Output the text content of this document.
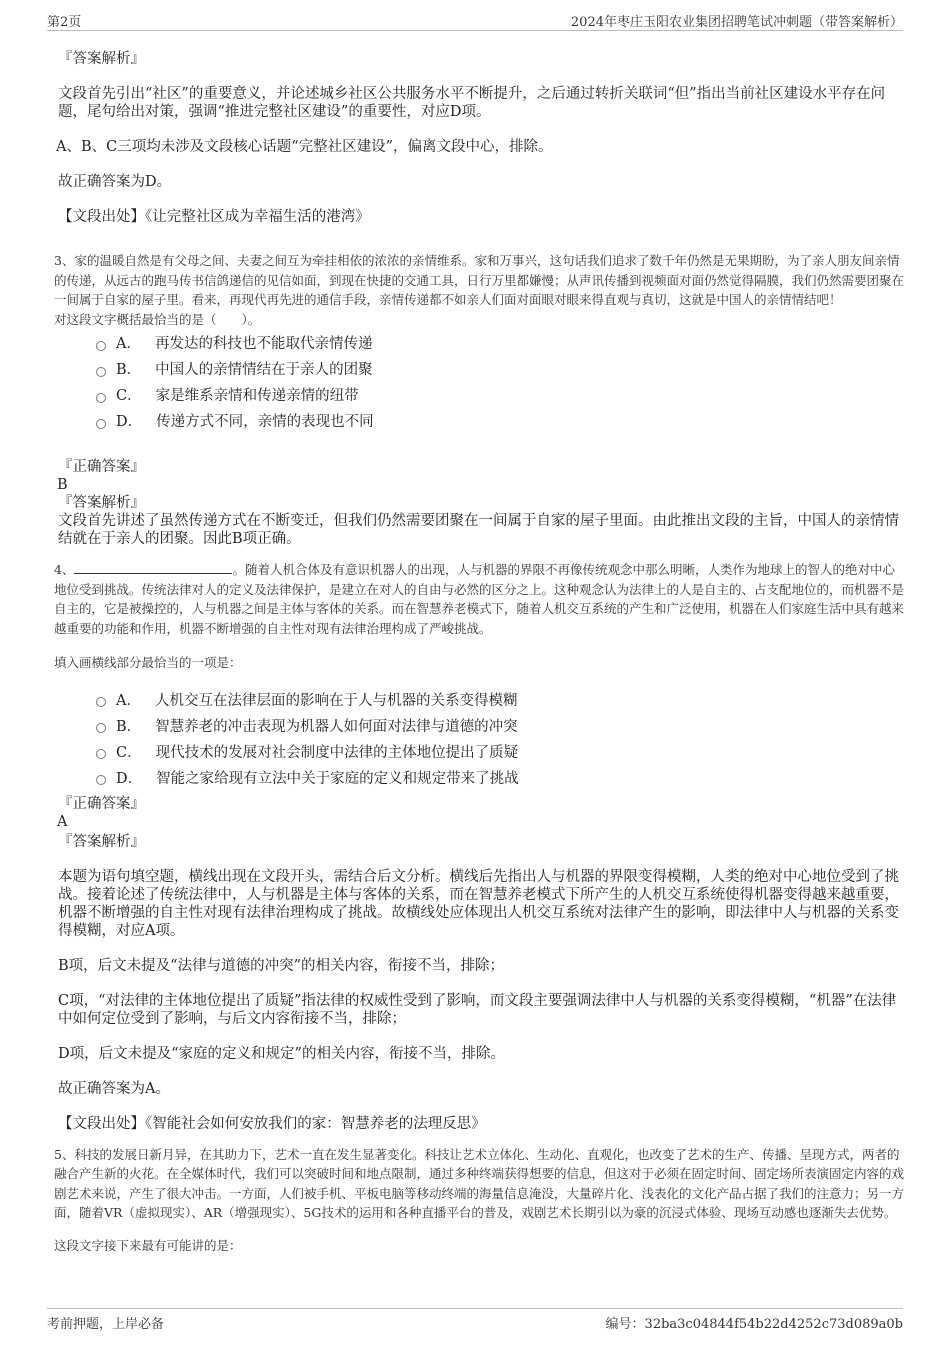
第2页	2024年枣庄玉阳农业集团招聘笔试冲刺题（带答案解析）
『答案解析』
文段首先引出“社区”的重要意义，并论述城乡社区公共服务水平不断提升，之后通过转折关联词“但”指出当前社区建设水平存在问题，尾句给出对策，强调“推进完整社区建设”的重要性，对应D项。
A、B、C三项均未涉及文段核心话题“完整社区建设”，偏离文段中心，排除。
故正确答案为D。
【文段出处】《让完整社区成为幸福生活的港湾》
3、家的温暖自然是有父母之间、夫妻之间互为牵挂相依的浓浓的亲情维系。家和万事兴，这句话我们追求了数千年仍然是无果期盼，为了亲人朋友间亲情的传递，从远古的跑马传书信鸽递信的见信如面，到现在快捷的交通工具，日行万里都嫌慢；从声讯传播到视频面对面仍然觉得隔膜，我们仍然需要团聚在一间属于自家的屋子里。看来，再现代再先进的通信手段，亲情传递都不如亲人们面对面眼对眼来得直观与真切，这就是中国人的亲情情结吧！
对这段文字概括最恰当的是（　　）。
A． 再发达的科技也不能取代亲情传递
B． 中国人的亲情情结在于亲人的团聚
C． 家是维系亲情和传递亲情的纽带
D． 传递方式不同，亲情的表现也不同
『正确答案』
B
『答案解析』
文段首先讲述了虽然传递方式在不断变迁，但我们仍然需要团聚在一间属于自家的屋子里面。由此推出文段的主旨，中国人的亲情情结就在于亲人的团聚。因此B项正确。
4、	。随着人机合体及有意识机器人的出现，人与机器的界限不再像传统观念中那么明晰，人类作为地球上的智人的绝对中心地位受到挑战。传统法律对人的定义及法律保护，是建立在对人的自由与必然的区分之上。这种观念认为法律上的人是自主的、占支配地位的，而机器不是自主的，它是被操控的，人与机器之间是主体与客体的关系。而在智慧养老模式下，随着人机交互系统的产生和广泛使用，机器在人们家庭生活中具有越来越重要的功能和作用，机器不断增强的自主性对现有法律治理构成了严峻挑战。
填入画横线部分最恰当的一项是：
A． 人机交互在法律层面的影响在于人与机器的关系变得模糊
B． 智慧养老的冲击表现为机器人如何面对法律与道德的冲突
C． 现代技术的发展对社会制度中法律的主体地位提出了质疑
D． 智能之家给现有立法中关于家庭的定义和规定带来了挑战
『正确答案』
A
『答案解析』
本题为语句填空题，横线出现在文段开头，需结合后文分析。横线后先指出人与机器的界限变得模糊，人类的绝对中心地位受到了挑战。接着论述了传统法律中，人与机器是主体与客体的关系，而在智慧养老模式下所产生的人机交互系统使得机器变得越来越重要，机器不断增强的自主性对现有法律治理构成了挑战。故横线处应体现出人机交互系统对法律产生的影响，即法律中人与机器的关系变得模糊，对应A项。
B项，后文未提及“法律与道德的冲突”的相关内容，衔接不当，排除；
C项，“对法律的主体地位提出了质疑”指法律的权威性受到了影响，而文段主要强调法律中人与机器的关系变得模糊，“机器”在法律中如何定位受到了影响，与后文内容衔接不当，排除；
D项，后文未提及“家庭的定义和规定”的相关内容，衔接不当，排除。
故正确答案为A。
【文段出处】《智能社会如何安放我们的家：智慧养老的法理反思》
5、科技的发展日新月异，在其助力下，艺术一直在发生显著变化。科技让艺术立体化、生动化、直观化，也改变了艺术的生产、传播、呈现方式，两者的融合产生新的火花。在全媒体时代，我们可以突破时间和地点限制，通过多种终端获得想要的信息，但这对于必须在固定时间、固定场所表演固定内容的戏剧艺术来说，产生了很大冲击。一方面，人们被手机、平板电脑等移动终端的海量信息淹没，大量碎片化、浅表化的文化产品占据了我们的注意力；另一方面，随着VR（虚拟现实）、AR（增强现实）、5G技术的运用和各种直播平台的普及，戏剧艺术长期引以为豪的沉浸式体验、现场互动感也逐渐失去优势。
这段文字接下来最有可能讲的是：
考前押题，上岸必备	编号：32ba3c04844f54b22d4252c73d089a0b
